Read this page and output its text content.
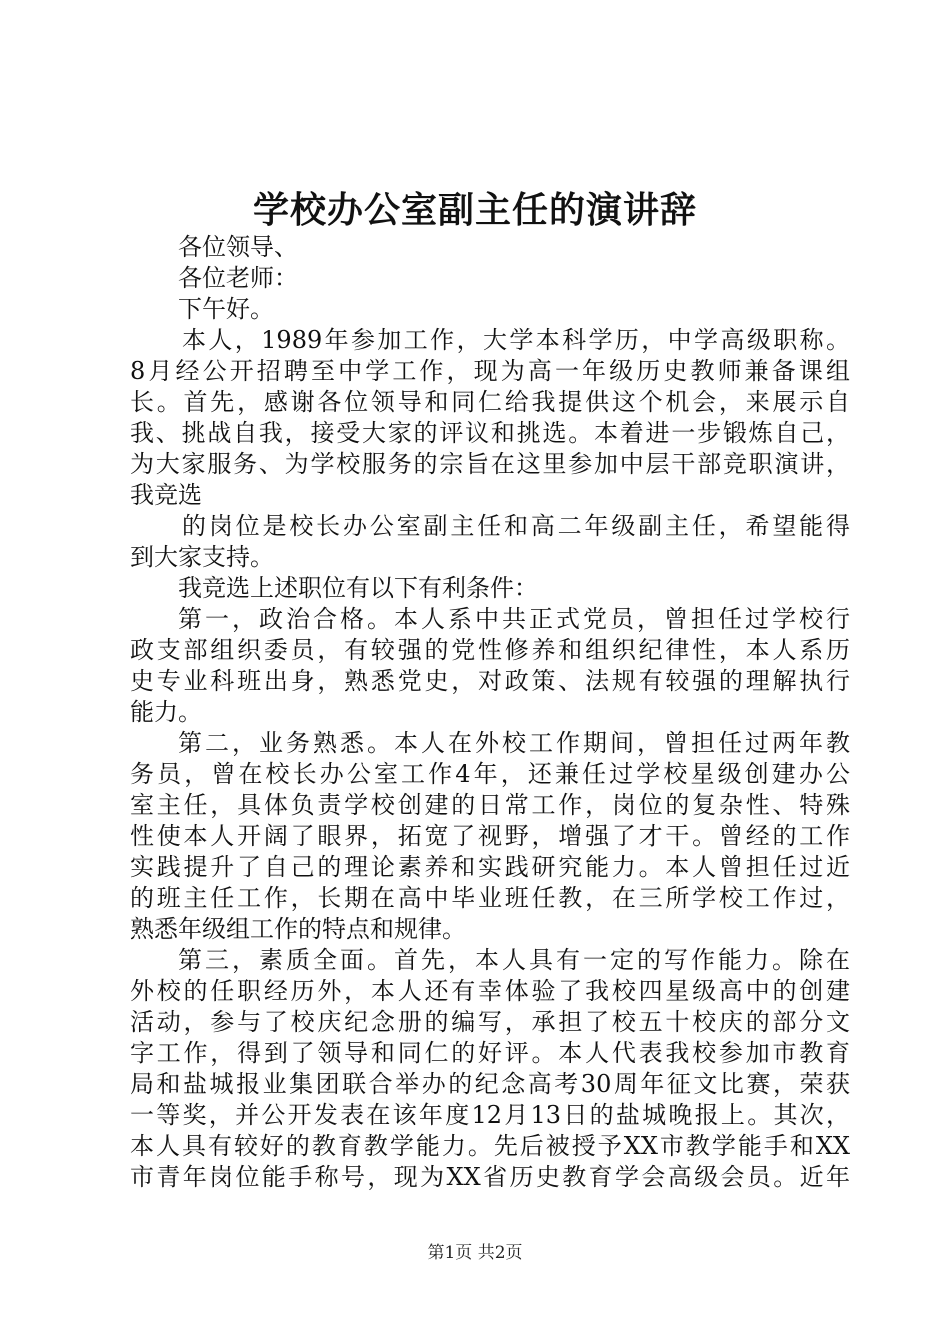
学校办公室副主任的演讲辞
各位领导、
各位老师：
下午好。
本人，1989年参加工作，大学本科学历，中学高级职称。
8月经公开招聘至中学工作，现为高一年级历史教师兼备课组
长。首先，感谢各位领导和同仁给我提供这个机会，来展示自
我、挑战自我，接受大家的评议和挑选。本着进一步锻炼自己，
为大家服务、为学校服务的宗旨在这里参加中层干部竞职演讲，
我竞选
的岗位是校长办公室副主任和高二年级副主任，希望能得
到大家支持。
我竞选上述职位有以下有利条件：
第一，政治合格。本人系中共正式党员，曾担任过学校行
政支部组织委员，有较强的党性修养和组织纪律性，本人系历
史专业科班出身，熟悉党史，对政策、法规有较强的理解执行
能力。
第二，业务熟悉。本人在外校工作期间，曾担任过两年教
务员，曾在校长办公室工作4年，还兼任过学校星级创建办公
室主任，具体负责学校创建的日常工作，岗位的复杂性、特殊
性使本人开阔了眼界，拓宽了视野，增强了才干。曾经的工作
实践提升了自己的理论素养和实践研究能力。本人曾担任过近
的班主任工作，长期在高中毕业班任教，在三所学校工作过，
熟悉年级组工作的特点和规律。
第三，素质全面。首先，本人具有一定的写作能力。除在
外校的任职经历外，本人还有幸体验了我校四星级高中的创建
活动，参与了校庆纪念册的编写，承担了校五十校庆的部分文
字工作，得到了领导和同仁的好评。本人代表我校参加市教育
局和盐城报业集团联合举办的纪念高考30周年征文比赛，荣获
一等奖，并公开发表在该年度12月13日的盐城晚报上。其次，
本人具有较好的教育教学能力。先后被授予XX市教学能手和XX
市青年岗位能手称号，现为XX省历史教育学会高级会员。近年
第1页 共2页
